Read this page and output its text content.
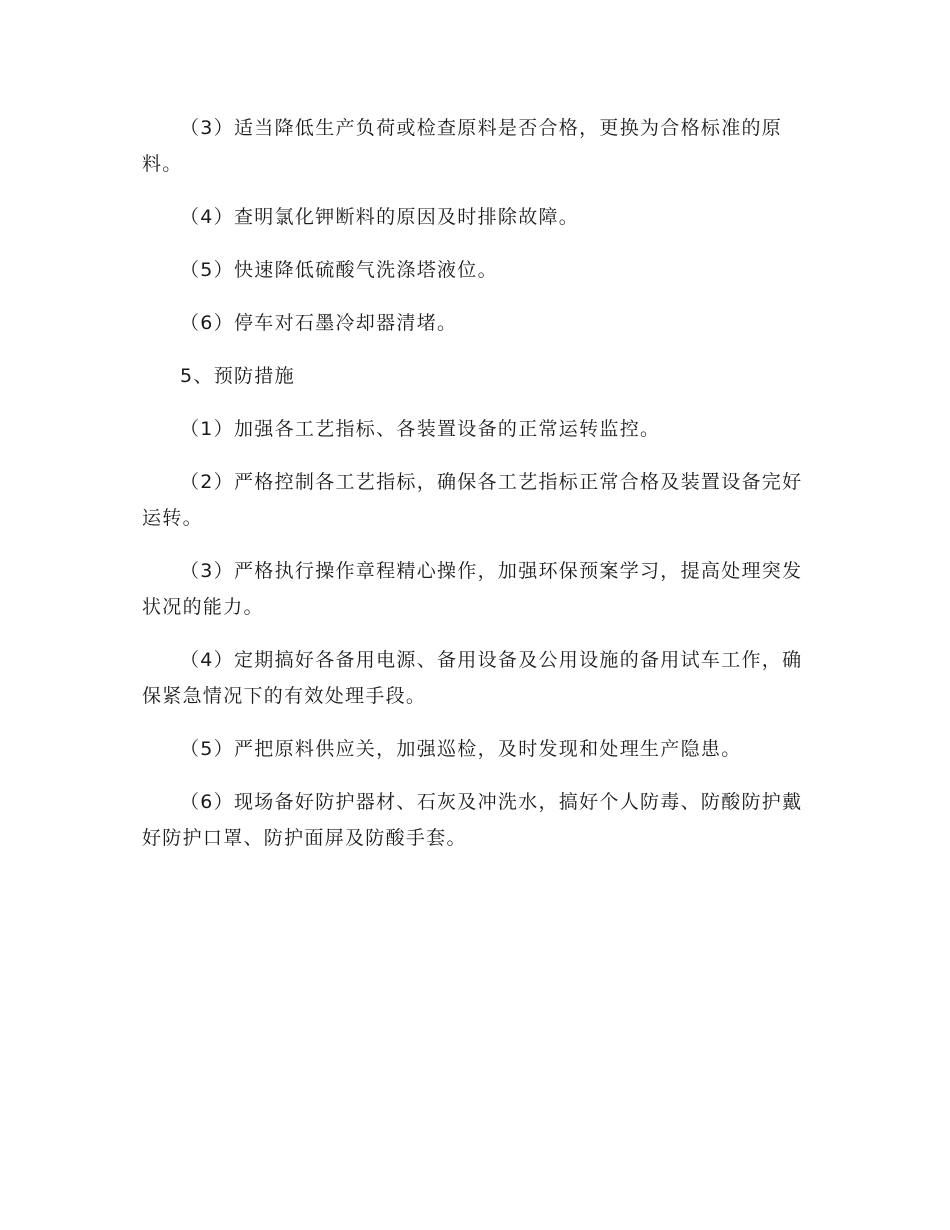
（3）适当降低生产负荷或检查原料是否合格，更换为合格标准的原料。

（4）查明氯化钾断料的原因及时排除故障。

（5）快速降低硫酸气洗涤塔液位。

（6）停车对石墨冷却器清堵。

5、预防措施

（1）加强各工艺指标、各装置设备的正常运转监控。

（2）严格控制各工艺指标，确保各工艺指标正常合格及装置设备完好运转。

（3）严格执行操作章程精心操作，加强环保预案学习，提高处理突发状况的能力。

（4）定期搞好各备用电源、备用设备及公用设施的备用试车工作，确保紧急情况下的有效处理手段。

（5）严把原料供应关，加强巡检，及时发现和处理生产隐患。

（6）现场备好防护器材、石灰及冲洗水，搞好个人防毒、防酸防护戴好防护口罩、防护面屏及防酸手套。
